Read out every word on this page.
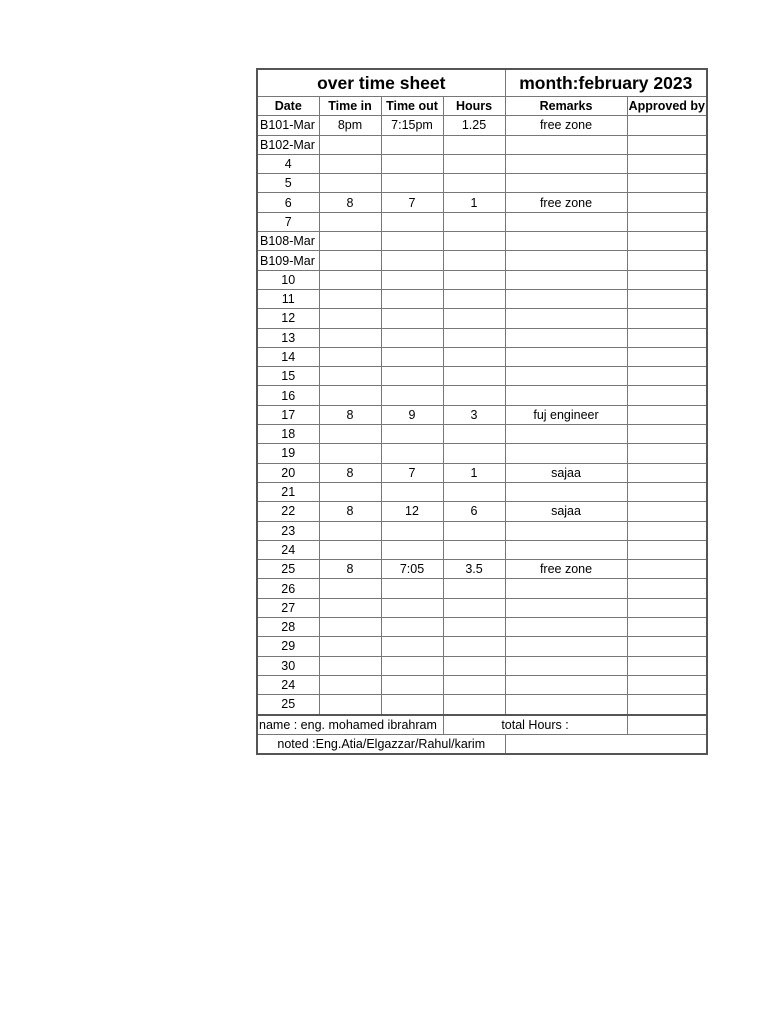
over time sheet				month:february 2023	
Date	Time in	Time out	Hours	Remarks	Approved by
B101-Mar	8pm	7:15pm	1.25	free zone	
B102-Mar					
4					
5					
6	8	7	1	free zone	
7					
B108-Mar					
B109-Mar					
10					
11					
12					
13					
14					
15					
16					
17	8	9	3	fuj engineer	
18					
19					
20	8	7	1	sajaa	
21					
22	8	12	6	sajaa	
23					
24					
25	8	7:05	3.5	free zone	
26					
27					
28					
29					
30					
24					
25					
name : eng. mohamed ibrahram			total Hours :		
noted :Eng.Atia/Elgazzar/Rahul/karim					
